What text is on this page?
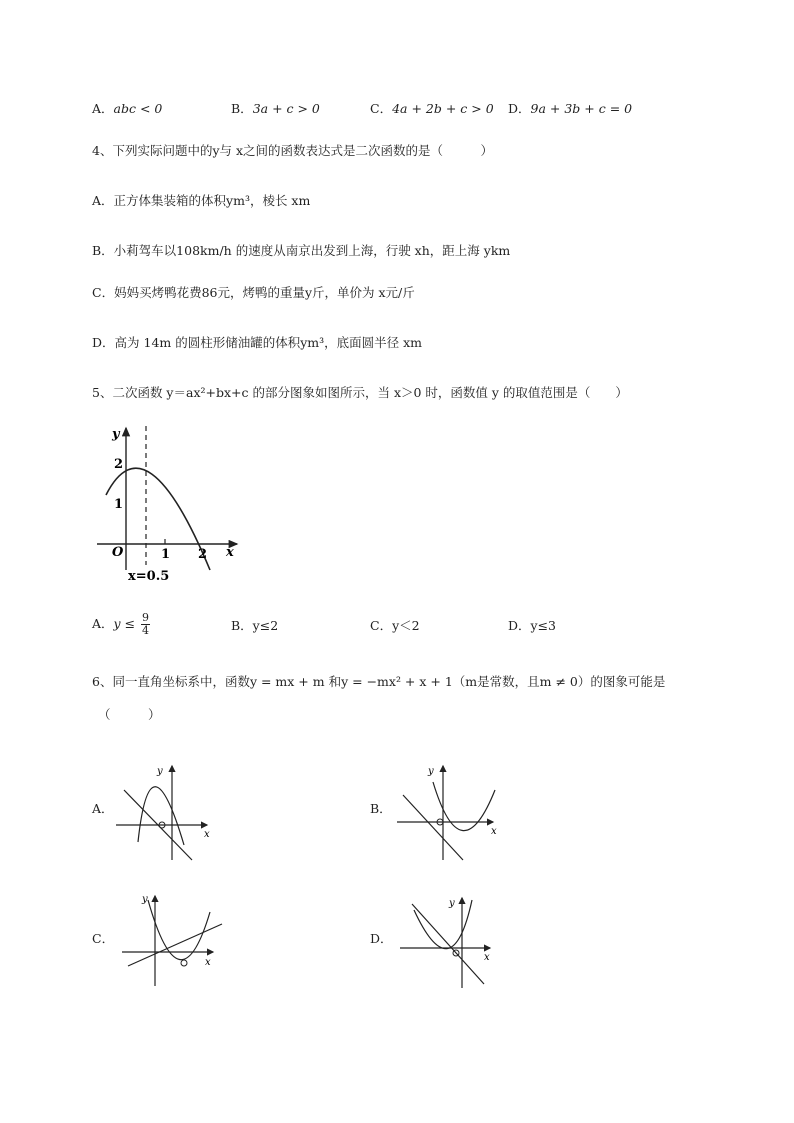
A．abc < 0	B．3a + c > 0	C．4a + 2b + c > 0 D．9a + 3b + c = 0
4、下列实际问题中的y与 x之间的函数表达式是二次函数的是（　　　）
A．正方体集装箱的体积ym³，棱长 xm
B．小莉驾车以108km/h 的速度从南京出发到上海，行驶 xh，距上海 ykm
C．妈妈买烤鸭花费86元，烤鸭的重量y斤，单价为 x元/斤
D．高为 14m 的圆柱形储油罐的体积ym³，底面圆半径 xm
5、二次函数 y＝ax²+bx+c 的部分图象如图所示，当 x＞0 时，函数值 y 的取值范围是（　　）
y
2
1
O	1 2 x
x=0.5
A．$y \le \frac{9}{4}$	B．y≤2	C．y＜2	D．y≤3
6、同一直角坐标系中，函数y = mx + m 和y = −mx² + x + 1（m是常数，且m ≠ 0）的图象可能是
（　　　）
A．
y
x
B．
y
x
C．
y
x
D．
y
x
